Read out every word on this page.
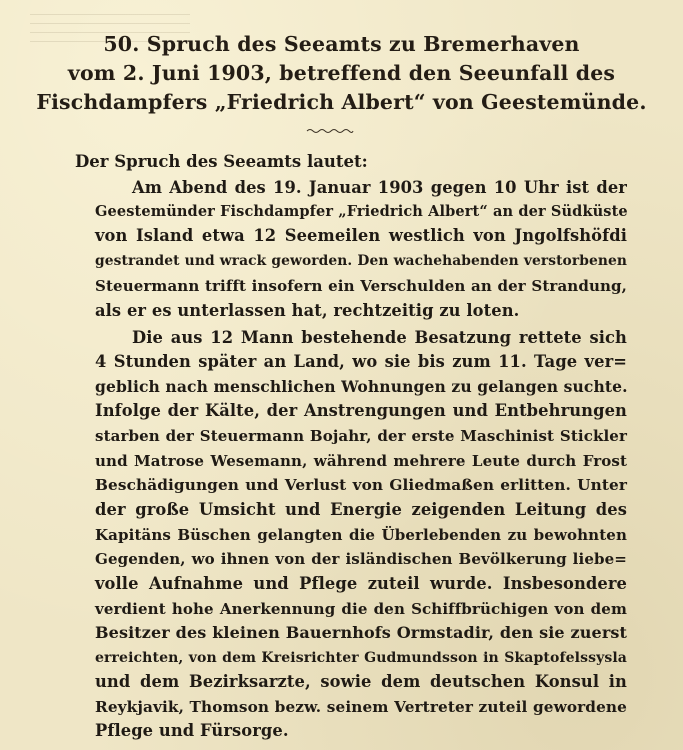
50. Spruch des Seeamts zu Bremerhaven
vom 2. Juni 1903, betreffend den Seeunfall des
Fischdampfers „Friedrich Albert“ von Geestemünde.
Der Spruch des Seeamts lautet:
Am Abend des 19. Januar 1903 gegen 10 Uhr ist der
Geestemünder Fischdampfer „Friedrich Albert“ an der Südküste
von Island etwa 12 Seemeilen westlich von Jngolfshöfdi
gestrandet und wrack geworden. Den wachehabenden verstorbenen
Steuermann trifft insofern ein Verschulden an der Strandung,
als er es unterlassen hat, rechtzeitig zu loten.
Die aus 12 Mann bestehende Besatzung rettete sich
4 Stunden später an Land, wo sie bis zum 11. Tage ver=
geblich nach menschlichen Wohnungen zu gelangen suchte.
Infolge der Kälte, der Anstrengungen und Entbehrungen
starben der Steuermann Bojahr, der erste Maschinist Stickler
und Matrose Wesemann, während mehrere Leute durch Frost
Beschädigungen und Verlust von Gliedmaßen erlitten. Unter
der große Umsicht und Energie zeigenden Leitung des
Kapitäns Büschen gelangten die Überlebenden zu bewohnten
Gegenden, wo ihnen von der isländischen Bevölkerung liebe=
volle Aufnahme und Pflege zuteil wurde. Insbesondere
verdient hohe Anerkennung die den Schiffbrüchigen von dem
Besitzer des kleinen Bauernhofs Ormstadir, den sie zuerst
erreichten, von dem Kreisrichter Gudmundsson in Skaptofelssysla
und dem Bezirksarzte, sowie dem deutschen Konsul in
Reykjavik, Thomson bezw. seinem Vertreter zuteil gewordene
Pflege und Fürsorge.
